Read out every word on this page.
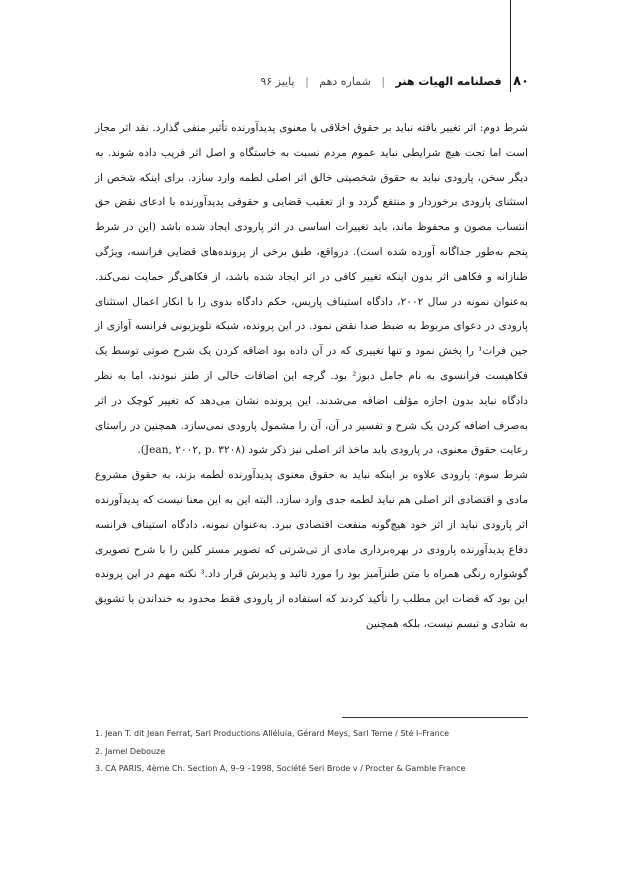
۸۰ فصلنامه الهیات هنر | شماره دهم | پاییز ۹۶

شرط دوم: اثر تغییر یافته نباید بر حقوق اخلاقی یا معنوی پدیدآورنده تأثیر منفی گذارد. نقد اثر مجاز است اما تحت هیچ شرایطی نباید عموم مردم نسبت به خاستگاه و اصل اثر فریب داده شوند. به دیگر سخن، پارودی نباید به حقوق شخصیتی خالق اثر اصلی لطمه وارد سازد. برای اینکه شخص از استثنای پارودی برخوردار و منتفع گردد و از تعقیب قضایی و حقوقی پدیدآورنده با ادعای نقض حق انتساب مصون و محفوظ ماند، باید تغییرات اساسی در اثر پارودی ایجاد شده باشد (این در شرط پنجم به‌طور جداگانه آورده شده است). درواقع، طبق برخی از پرونده‌های قضایی فرانسه، ویژگی طنازانه و فکاهی اثر بدون اینکه تغییر کافی در اثر ایجاد شده باشد، از فکاهی‌گر حمایت نمی‌کند. به‌عنوان نمونه در سال ۲۰۰۲، دادگاه استیناف پاریس، حکم دادگاه بدوی را با انکار اعمال استثنای پارودی در دعوای مربوط به ضبط صدا نقض نمود. در این پرونده، شبکه تلویزیونی فرانسه آوازی از جین فرات¹ را پخش نمود و تنها تغییری که در آن داده بود اضافه کردن یک شرح صوتی توسط یک فکاهیست فرانسوی به نام جامل دبوز² بود. گرچه این اضافات خالی از طنز نبودند، اما به نظر دادگاه نباید بدون اجازه مؤلف اضافه می‌شدند. این پرونده نشان می‌دهد که تغییر کوچک در اثر به‌صرف اضافه کردن یک شرح و تفسیر در آن، آن را مشمول پارودی نمی‌سازد. همچنین در راستای رعایت حقوق معنوی، در پارودی باید ماخذ اثر اصلی نیز ذکر شود (Jean, ۲۰۰۲, p. ۳۲۰۸).

شرط سوم: پارودی علاوه بر اینکه نباید به حقوق معنوی پدیدآورنده لطمه بزند، به حقوق مشروع مادی و اقتصادی اثر اصلی هم نباید لطمه جدی وارد سازد. البته این به این معنا نیست که پدیدآورنده اثر پارودی نباید از اثر خود هیچ‌گونه منفعت اقتصادی ببرد. به‌عنوان نمونه، دادگاه استیناف فرانسه دفاع پدیدآورنده پارودی در بهره‌برداری مادی از تی‌شرتی که تصویر مستر کلین را با شرح تصویری گوشواره رنگی همراه با متن طنزآمیز بود را مورد تائید و پذیرش قرار داد.³ نکته مهم در این پرونده این بود که قضات این مطلب را تأکید کردند که استفاده از پارودی فقط محدود به خنداندن یا تشویق به شادی و تبسم نیست، بلکه همچنین

1. Jean T. dit Jean Ferrat, Sarl Productions Alléluia, Gérard Meys, Sarl Terne / Sté I–France
2. Jamel Debouze
3. CA PARIS, 4ème Ch. Section A, 9–9 –1998, Société Seri Brode v / Procter & Gamble France
